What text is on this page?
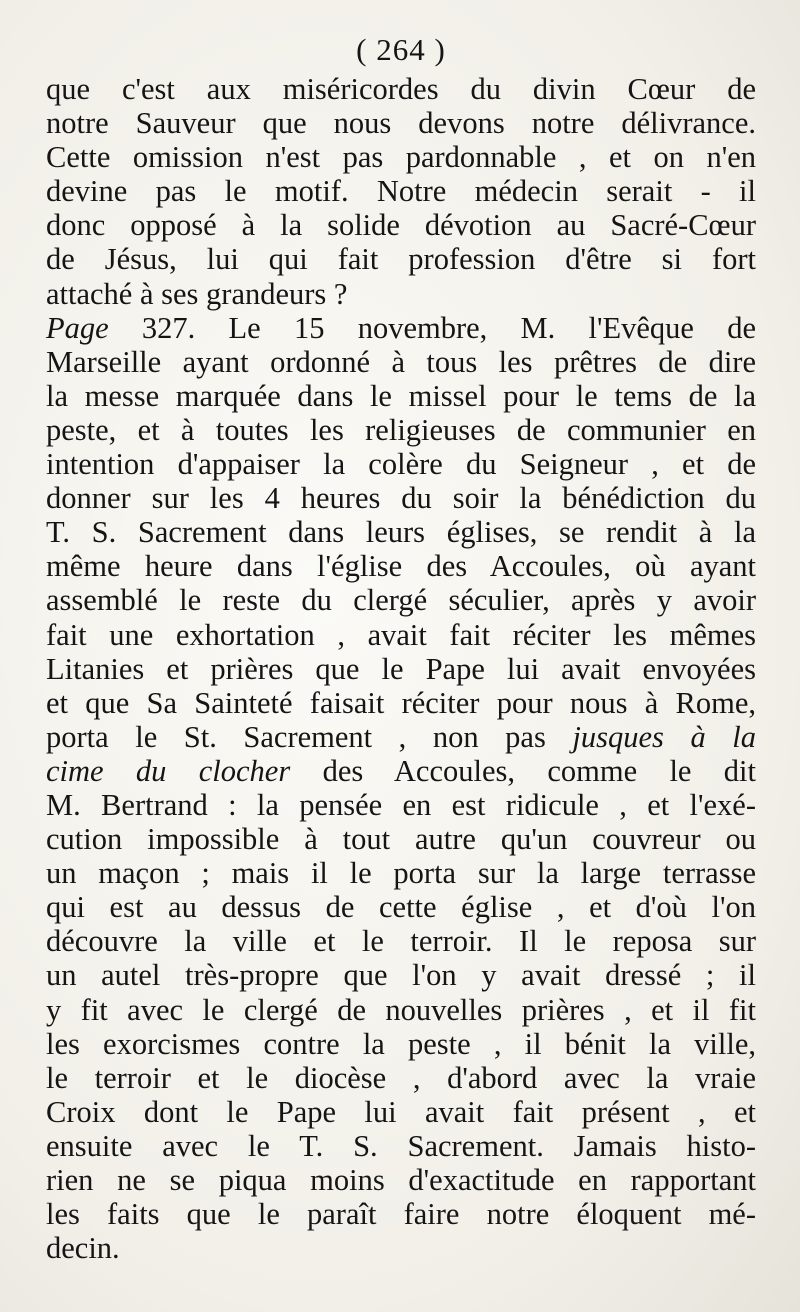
( 264 )
que c'est aux miséricordes du divin Cœur de
notre Sauveur que nous devons notre délivrance.
Cette omission n'est pas pardonnable , et on n'en
devine pas le motif. Notre médecin serait - il
donc opposé à la solide dévotion au Sacré-Cœur
de Jésus, lui qui fait profession d'être si fort
attaché à ses grandeurs ?
Page 327. Le 15 novembre, M. l'Evêque de
Marseille ayant ordonné à tous les prêtres de dire
la messe marquée dans le missel pour le tems de la
peste, et à toutes les religieuses de communier en
intention d'appaiser la colère du Seigneur , et de
donner sur les 4 heures du soir la bénédiction du
T. S. Sacrement dans leurs églises, se rendit à la
même heure dans l'église des Accoules, où ayant
assemblé le reste du clergé séculier, après y avoir
fait une exhortation , avait fait réciter les mêmes
Litanies et prières que le Pape lui avait envoyées
et que Sa Sainteté faisait réciter pour nous à Rome,
porta le St. Sacrement , non pas jusques à la
cime du clocher des Accoules, comme le dit
M. Bertrand : la pensée en est ridicule , et l'exé-
cution impossible à tout autre qu'un couvreur ou
un maçon ; mais il le porta sur la large terrasse
qui est au dessus de cette église , et d'où l'on
découvre la ville et le terroir. Il le reposa sur
un autel très-propre que l'on y avait dressé ; il
y fit avec le clergé de nouvelles prières , et il fit
les exorcismes contre la peste , il bénit la ville,
le terroir et le diocèse , d'abord avec la vraie
Croix dont le Pape lui avait fait présent , et
ensuite avec le T. S. Sacrement. Jamais histo-
rien ne se piqua moins d'exactitude en rapportant
les faits que le paraît faire notre éloquent mé-
decin.
